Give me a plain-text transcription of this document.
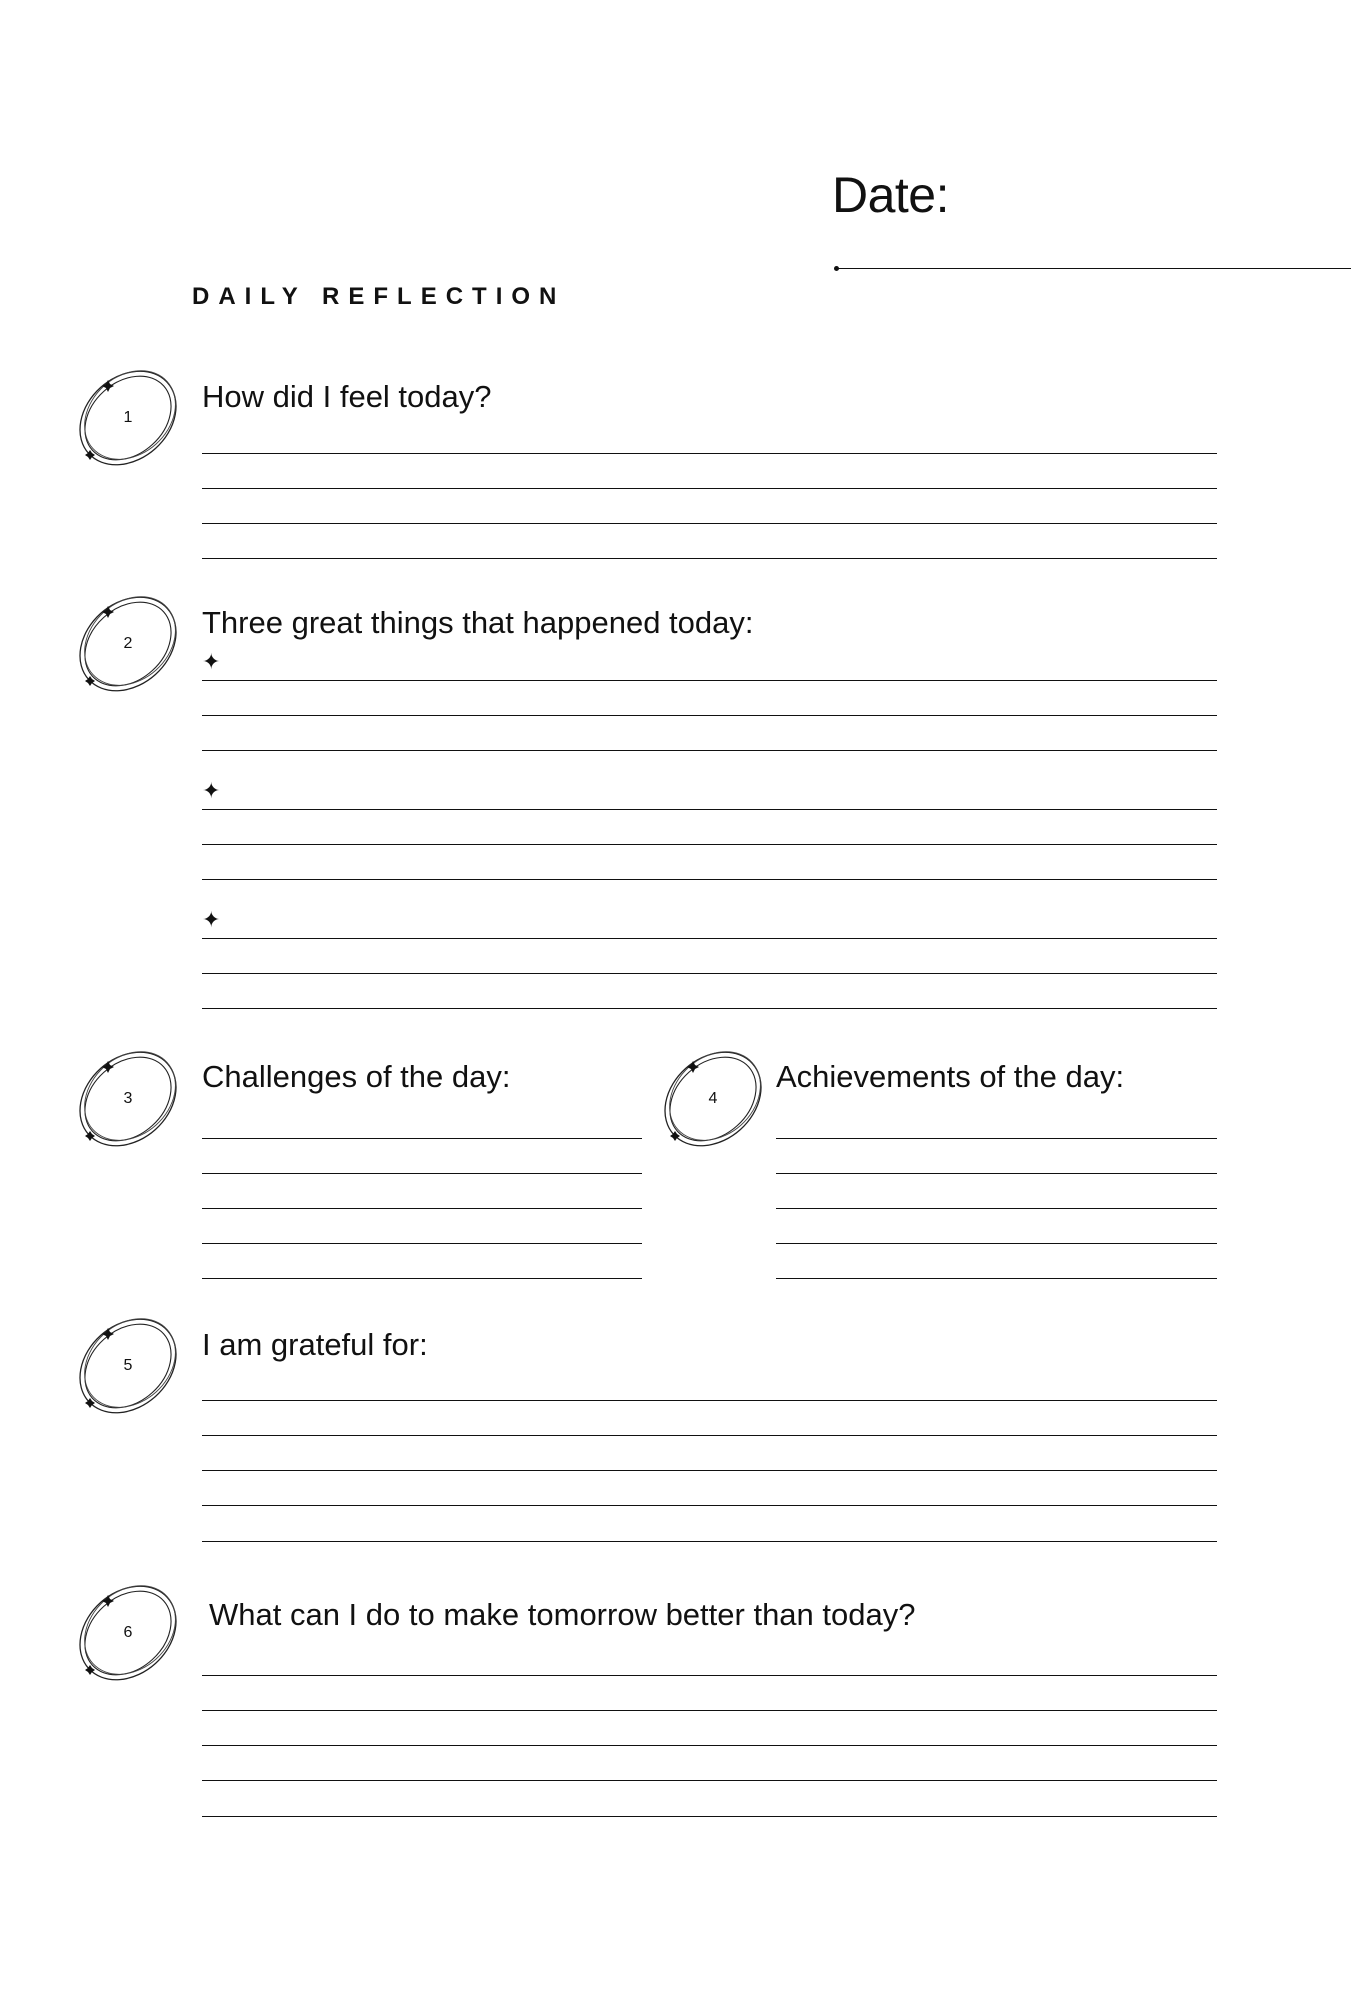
Date:
DAILY REFLECTION
1
How did I feel today?
2
Three great things that happened today:
✦
✦
✦
3
Challenges of the day:
4
Achievements of the day:
5
I am grateful for:
6
What can I do to make tomorrow better than today?
